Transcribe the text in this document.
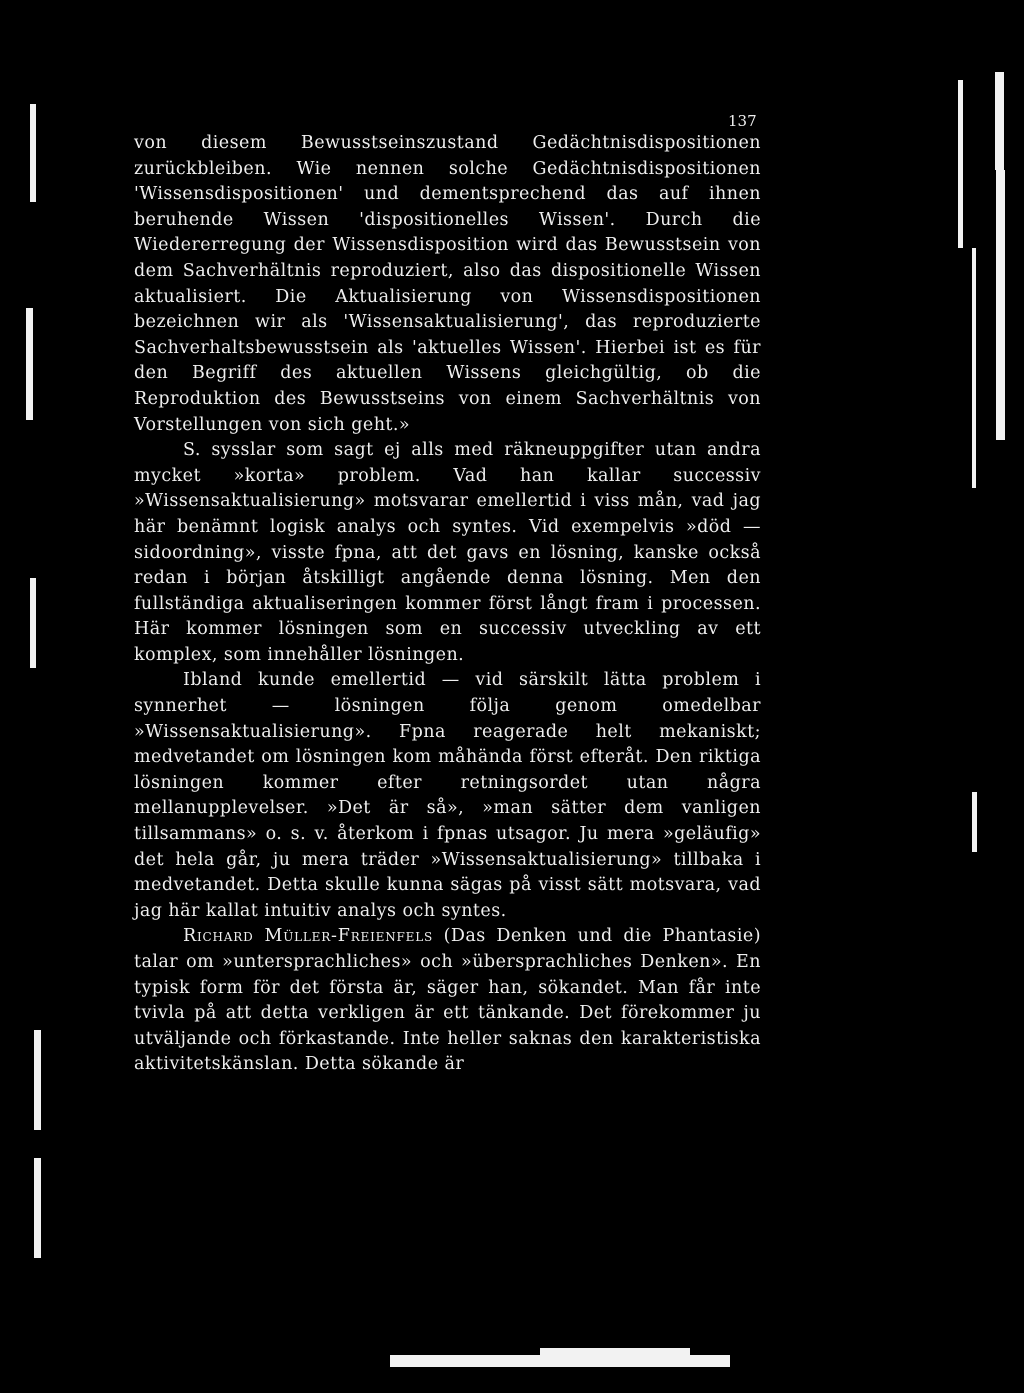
137

von diesem Bewusstseinszustand Gedächtnisdispositionen zurückbleiben. Wie nennen solche Gedächtnisdispositionen 'Wissensdispositionen' und dementsprechend das auf ihnen beruhende Wissen 'dispositionelles Wissen'. Durch die Wiedererregung der Wissensdisposition wird das Bewusstsein von dem Sachverhältnis reproduziert, also das dispositionelle Wissen aktualisiert. Die Aktualisierung von Wissensdispositionen bezeichnen wir als 'Wissensaktualisierung', das reproduzierte Sachverhaltsbewusstsein als 'aktuelles Wissen'. Hierbei ist es für den Begriff des aktuellen Wissens gleichgültig, ob die Reproduktion des Bewusstseins von einem Sachverhältnis von Vorstellungen von sich geht.»

S. sysslar som sagt ej alls med räkneuppgifter utan andra mycket »korta» problem. Vad han kallar successiv »Wissensaktualisierung» motsvarar emellertid i viss mån, vad jag här benämnt logisk analys och syntes. Vid exempelvis »död — sidoordning», visste fpna, att det gavs en lösning, kanske också redan i början åtskilligt angående denna lösning. Men den fullständiga aktualiseringen kommer först långt fram i processen. Här kommer lösningen som en successiv utveckling av ett komplex, som innehåller lösningen.

Ibland kunde emellertid — vid särskilt lätta problem i synnerhet — lösningen följa genom omedelbar »Wissensaktualisierung». Fpna reagerade helt mekaniskt; medvetandet om lösningen kom måhända först efteråt. Den riktiga lösningen kommer efter retningsordet utan några mellanupplevelser. »Det är så», »man sätter dem vanligen tillsammans» o. s. v. återkom i fpnas utsagor. Ju mera »geläufig» det hela går, ju mera träder »Wissensaktualisierung» tillbaka i medvetandet. Detta skulle kunna sägas på visst sätt motsvara, vad jag här kallat intuitiv analys och syntes.

Richard Müller-Freienfels (Das Denken und die Phantasie) talar om »untersprachliches» och »übersprachliches Denken». En typisk form för det första är, säger han, sökandet. Man får inte tvivla på att detta verkligen är ett tänkande. Det förekommer ju utväljande och förkastande. Inte heller saknas den karakteristiska aktivitetskänslan. Detta sökande är
